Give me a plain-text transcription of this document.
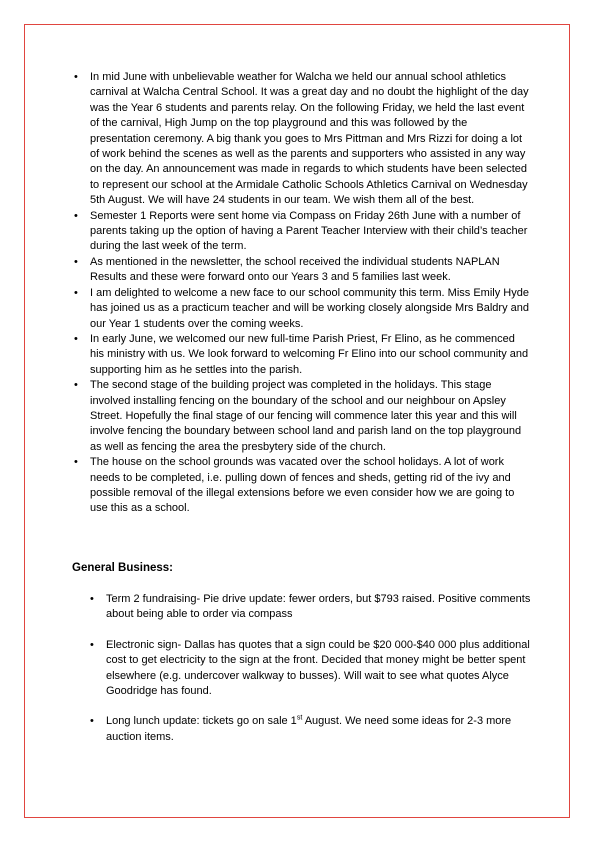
• In mid June with unbelievable weather for Walcha we held our annual school athletics carnival at Walcha Central School. It was a great day and no doubt the highlight of the day was the Year 6 students and parents relay. On the following Friday, we held the last event of the carnival, High Jump on the top playground and this was followed by the presentation ceremony. A big thank you goes to Mrs Pittman and Mrs Rizzi for doing a lot of work behind the scenes as well as the parents and supporters who assisted in any way on the day. An announcement was made in regards to which students have been selected to represent our school at the Armidale Catholic Schools Athletics Carnival on Wednesday 5th August. We will have 24 students in our team. We wish them all of the best.
• Semester 1 Reports were sent home via Compass on Friday 26th June with a number of parents taking up the option of having a Parent Teacher Interview with their child’s teacher during the last week of the term.
• As mentioned in the newsletter, the school received the individual students NAPLAN Results and these were forward onto our Years 3 and 5 families last week.
• I am delighted to welcome a new face to our school community this term. Miss Emily Hyde has joined us as a practicum teacher and will be working closely alongside Mrs Baldry and our Year 1 students over the coming weeks.
• In early June, we welcomed our new full-time Parish Priest, Fr Elino, as he commenced his ministry with us. We look forward to welcoming Fr Elino into our school community and supporting him as he settles into the parish.
• The second stage of the building project was completed in the holidays. This stage involved installing fencing on the boundary of the school and our neighbour on Apsley Street. Hopefully the final stage of our fencing will commence later this year and this will involve fencing the boundary between school land and parish land on the top playground as well as fencing the area the presbytery side of the church.
• The house on the school grounds was vacated over the school holidays. A lot of work needs to be completed, i.e. pulling down of fences and sheds, getting rid of the ivy and possible removal of the illegal extensions before we even consider how we are going to use this as a school.

General Business:

• Term 2 fundraising- Pie drive update: fewer orders, but $793 raised. Positive comments about being able to order via compass
• Electronic sign- Dallas has quotes that a sign could be $20 000-$40 000 plus additional cost to get electricity to the sign at the front. Decided that money might be better spent elsewhere (e.g. undercover walkway to busses). Will wait to see what quotes Alyce Goodridge has found.
• Long lunch update: tickets go on sale 1st August. We need some ideas for 2-3 more auction items.
